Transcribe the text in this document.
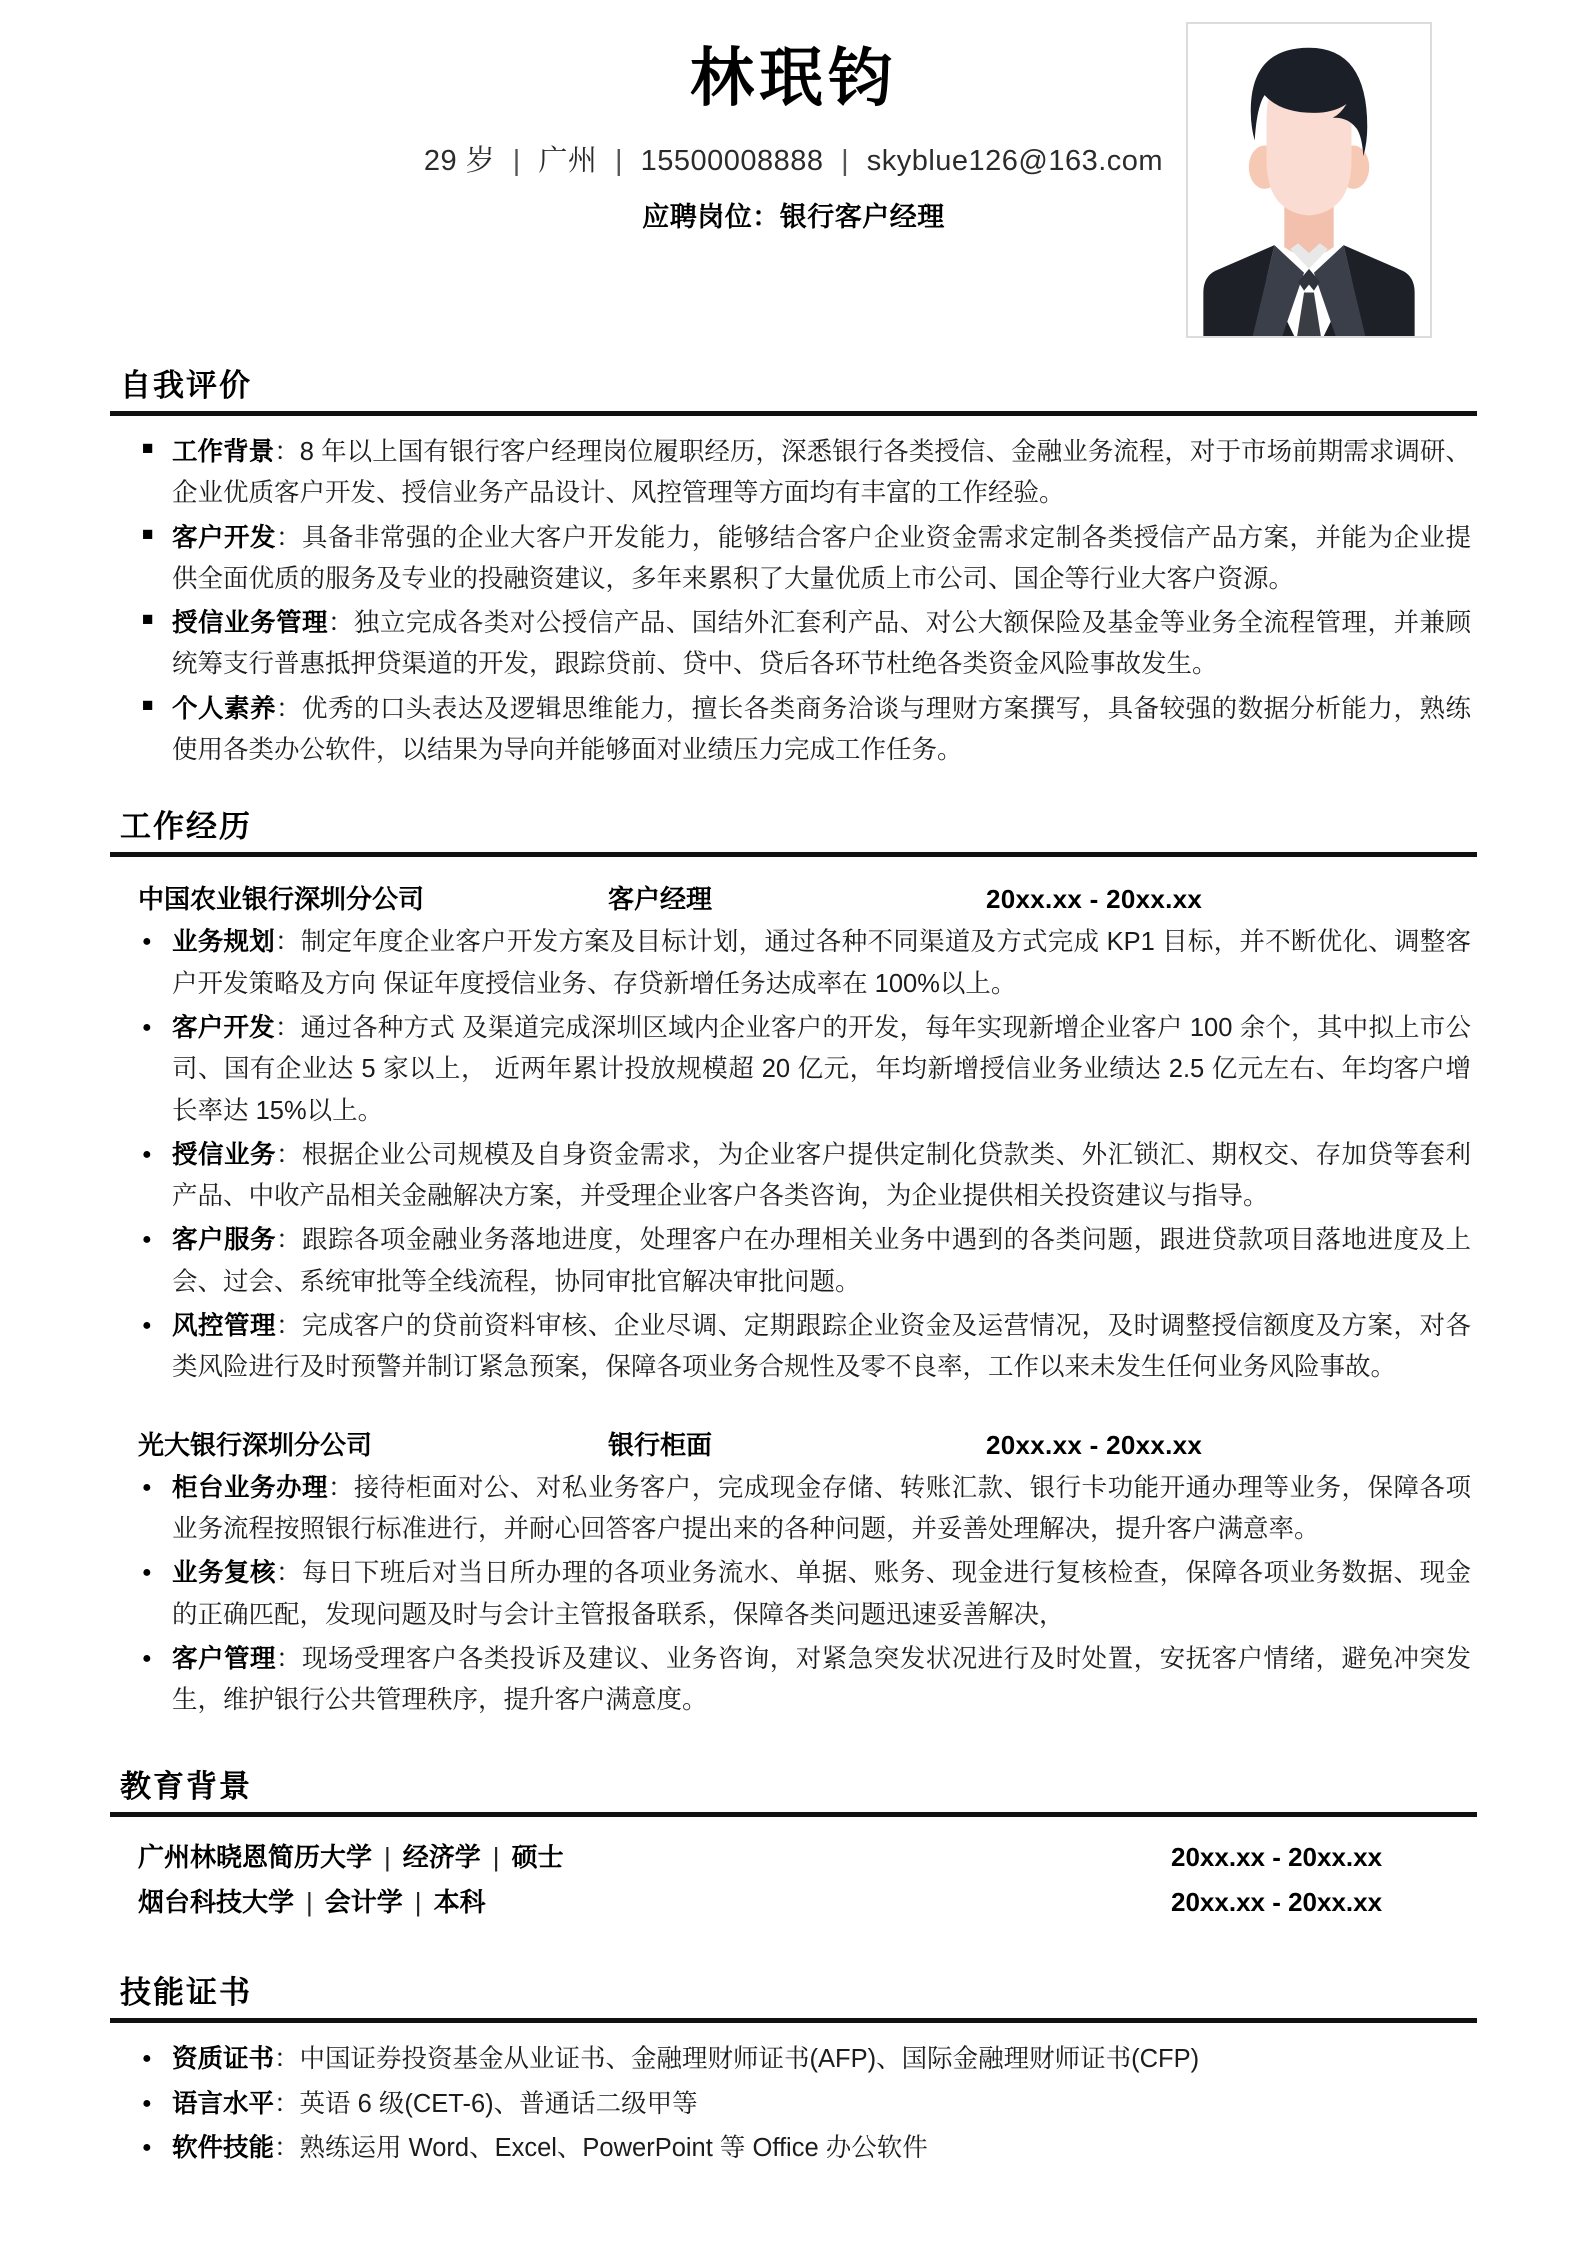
林珉钧
29 岁 | 广州 | 15500008888 | skyblue126@163.com
应聘岗位：银行客户经理
自我评价
■ 工作背景：8 年以上国有银行客户经理岗位履职经历，深悉银行各类授信、金融业务流程，对于市场前期需求调研、企业优质客户开发、授信业务产品设计、风控管理等方面均有丰富的工作经验。
■ 客户开发：具备非常强的企业大客户开发能力，能够结合客户企业资金需求定制各类授信产品方案，并能为企业提供全面优质的服务及专业的投融资建议，多年来累积了大量优质上市公司、国企等行业大客户资源。
■ 授信业务管理：独立完成各类对公授信产品、国结外汇套利产品、对公大额保险及基金等业务全流程管理，并兼顾统筹支行普惠抵押贷渠道的开发，跟踪贷前、贷中、贷后各环节杜绝各类资金风险事故发生。
■ 个人素养：优秀的口头表达及逻辑思维能力，擅长各类商务洽谈与理财方案撰写，具备较强的数据分析能力，熟练使用各类办公软件，以结果为导向并能够面对业绩压力完成工作任务。
工作经历
中国农业银行深圳分公司	客户经理	20xx.xx - 20xx.xx
● 业务规划：制定年度企业客户开发方案及目标计划，通过各种不同渠道及方式完成 KP1 目标，并不断优化、调整客户开发策略及方向 保证年度授信业务、存贷新增任务达成率在 100%以上。
● 客户开发：通过各种方式 及渠道完成深圳区域内企业客户的开发，每年实现新增企业客户 100 余个，其中拟上市公司、国有企业达 5 家以上， 近两年累计投放规模超 20 亿元，年均新增授信业务业绩达 2.5 亿元左右、年均客户增长率达 15%以上。
● 授信业务：根据企业公司规模及自身资金需求，为企业客户提供定制化贷款类、外汇锁汇、期权交、存加贷等套利产品、中收产品相关金融解决方案，并受理企业客户各类咨询，为企业提供相关投资建议与指导。
● 客户服务：跟踪各项金融业务落地进度，处理客户在办理相关业务中遇到的各类问题，跟进贷款项目落地进度及上会、过会、系统审批等全线流程，协同审批官解决审批问题。
● 风控管理：完成客户的贷前资料审核、企业尽调、定期跟踪企业资金及运营情况，及时调整授信额度及方案，对各类风险进行及时预警并制订紧急预案，保障各项业务合规性及零不良率，工作以来未发生任何业务风险事故。
光大银行深圳分公司	银行柜面	20xx.xx - 20xx.xx
● 柜台业务办理：接待柜面对公、对私业务客户，完成现金存储、转账汇款、银行卡功能开通办理等业务，保障各项业务流程按照银行标准进行，并耐心回答客户提出来的各种问题，并妥善处理解决，提升客户满意率。
● 业务复核：每日下班后对当日所办理的各项业务流水、单据、账务、现金进行复核检查，保障各项业务数据、现金的正确匹配，发现问题及时与会计主管报备联系，保障各类问题迅速妥善解决，
● 客户管理：现场受理客户各类投诉及建议、业务咨询，对紧急突发状况进行及时处置，安抚客户情绪，避免冲突发生，维护银行公共管理秩序，提升客户满意度。
教育背景
广州林晓恩简历大学 | 经济学 | 硕士	20xx.xx - 20xx.xx
烟台科技大学 | 会计学 | 本科	20xx.xx - 20xx.xx
技能证书
● 资质证书：中国证券投资基金从业证书、金融理财师证书(AFP)、国际金融理财师证书(CFP)
● 语言水平：英语 6 级(CET-6)、普通话二级甲等
● 软件技能：熟练运用 Word、Excel、PowerPoint 等 Office 办公软件
